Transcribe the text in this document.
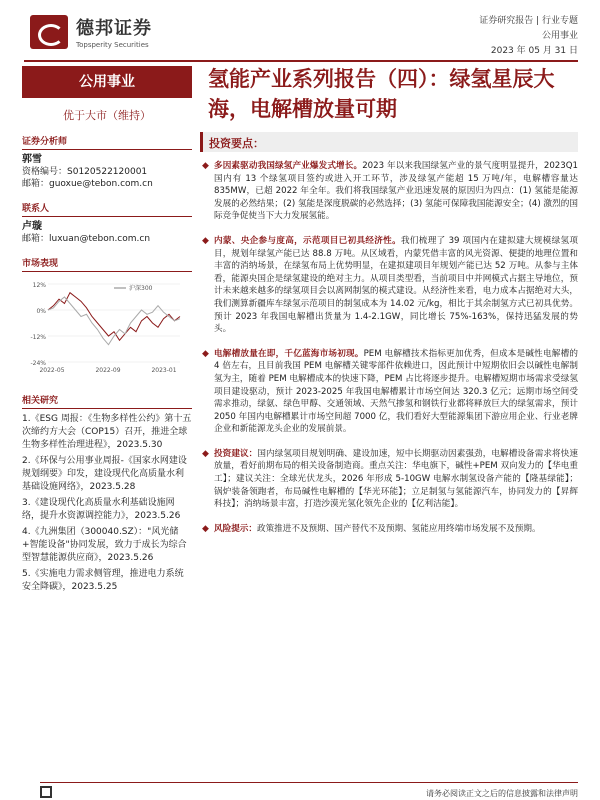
德邦证券
Topsperity Securities
证券研究报告 | 行业专题
公用事业
2023 年 05 月 31 日
公用事业
优于大市（维持）
证券分析师
郭雪
资格编号：S0120522120001
邮箱：guoxue@tebon.com.cn
联系人
卢璇
邮箱：luxuan@tebon.com.cn
市场表现
12%
0%
-12%
-24%
2022-05	2022-09	2023-01
沪深300
相关研究
1.《ESG 周报：《生物多样性公约》第十五次缔约方大会（COP15）召开，推进全球生物多样性治理进程》，2023.5.30
2.《环保与公用事业周报-《国家水网建设规划纲要》印发，建设现代化高质量水利基础设施网络》，2023.5.28
3.《建设现代化高质量水利基础设施网络，提升水资源调控能力》，2023.5.26
4.《九洲集团（300040.SZ）："风光储+智能设备"协同发展，致力于成长为综合型智慧能源供应商》，2023.5.26
5.《实施电力需求侧管理，推进电力系统安全降碳》，2023.5.25
氢能产业系列报告（四）：绿氢星辰大海，电解槽放量可期
投资要点：
◆ 多因素驱动我国绿氢产业爆发式增长。2023 年以来我国绿氢产业的景气度明显提升，2023Q1 国内有 13 个绿氢项目签约或进入开工环节，涉及绿氢产能超 15 万吨/年，电解槽容量达 835MW，已超 2022 年全年。我们将我国绿氢产业迅速发展的原因归为四点：(1) 氢能是能源发展的必然结果；(2) 氢能是深度脱碳的必然选择；(3) 氢能可保障我国能源安全；(4) 激烈的国际竞争促使当下大力发展氢能。
◆ 内蒙、央企参与度高，示范项目已初具经济性。我们梳理了 39 项国内在建拟建大规模绿氢项目，规划年绿氢产能已达 88.8 万吨。从区域看，内蒙凭借丰富的风光资源、便捷的地理位置和丰富的消纳场景，在绿氢布局上优势明显，在建拟建项目年规划产能已达 52 万吨。从参与主体看，能源央国企是绿氢建设的绝对主力。从项目类型看，当前项目中并网模式占据主导地位，预计未来越来越多的绿氢项目会以离网制氢的模式建设。从经济性来看，电力成本占据绝对大头，我们测算新疆库车绿氢示范项目的制氢成本为 14.02 元/kg，相比于其余制氢方式已初具优势。预计 2023 年我国电解槽出货量为 1.4-2.1GW，同比增长 75%-163%，保持迅猛发展的势头。
◆ 电解槽放量在即，千亿蓝海市场初现。PEM 电解槽技术指标更加优秀，但成本是碱性电解槽的 4 倍左右，且目前我国 PEM 电解槽关键零部件依赖进口，因此预计中短期依旧会以碱性电解制氢为主，随着 PEM 电解槽成本的快速下降，PEM 占比将逐步提升。电解槽短期市场需求受绿氢项目建设驱动，预计 2023-2025 年我国电解槽累计市场空间达 320.3 亿元；远期市场空间受需求推动，绿氨、绿色甲醇、交通领域、天然气掺氢和钢铁行业都将释放巨大的绿氢需求，预计 2050 年国内电解槽累计市场空间超 7000 亿，我们看好大型能源集团下游应用企业、行业老牌企业和新能源龙头企业的发展前景。
◆ 投资建议：国内绿氢项目规划明确、建设加速，短中长期驱动因素强劲，电解槽设备需求将快速放量，看好前期布局的相关设备制造商。重点关注：华电旗下，碱性+PEM 双向发力的【华电重工】；建议关注：全球光伏龙头，2026 年形成 5-10GW 电解水制氢设备产能的【隆基绿能】；锅炉装备领跑者，布局碱性电解槽的【华光环能】；立足制氢与氢能源汽车，协同发力的【昇辉科技】；消纳场景丰富，打造沙漠光氢化领先企业的【亿利洁能】。
◆ 风险提示：政策推进不及预期、国产替代不及预期、氢能应用终端市场发展不及预期。
请务必阅读正文之后的信息披露和法律声明
